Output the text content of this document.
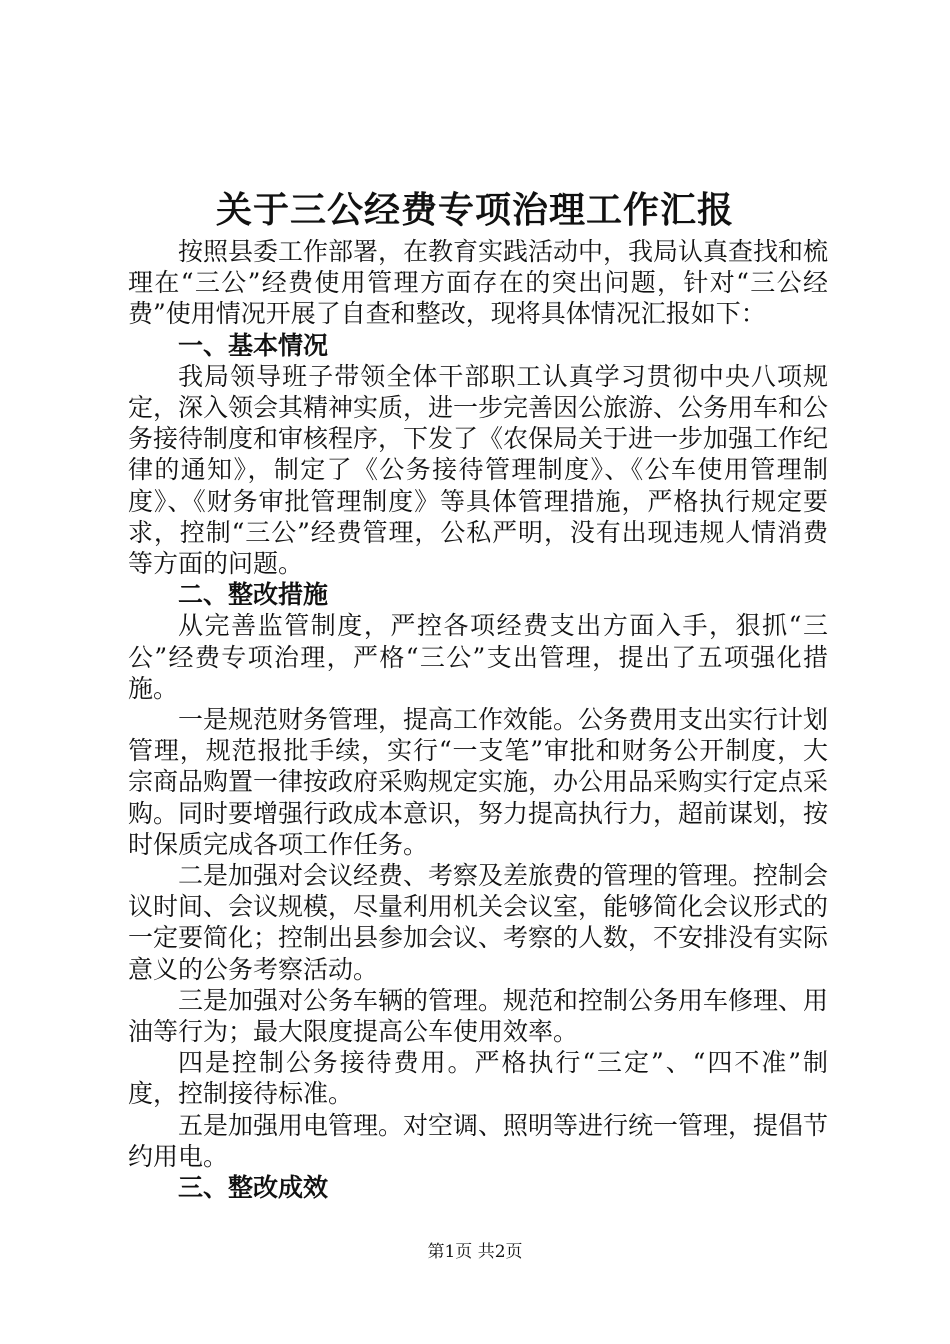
关于三公经费专项治理工作汇报

按照县委工作部署，在教育实践活动中，我局认真查找和梳理在“三公”经费使用管理方面存在的突出问题，针对“三公经费”使用情况开展了自查和整改，现将具体情况汇报如下：

一、基本情况

我局领导班子带领全体干部职工认真学习贯彻中央八项规定，深入领会其精神实质，进一步完善因公旅游、公务用车和公务接待制度和审核程序，下发了《农保局关于进一步加强工作纪律的通知》，制定了《公务接待管理制度》、《公车使用管理制度》、《财务审批管理制度》等具体管理措施，严格执行规定要求，控制“三公”经费管理，公私严明，没有出现违规人情消费等方面的问题。

二、整改措施

从完善监管制度，严控各项经费支出方面入手，狠抓“三公”经费专项治理，严格“三公”支出管理，提出了五项强化措施。

一是规范财务管理，提高工作效能。公务费用支出实行计划管理，规范报批手续，实行“一支笔”审批和财务公开制度，大宗商品购置一律按政府采购规定实施，办公用品采购实行定点采购。同时要增强行政成本意识，努力提高执行力，超前谋划，按时保质完成各项工作任务。

二是加强对会议经费、考察及差旅费的管理的管理。控制会议时间、会议规模，尽量利用机关会议室，能够简化会议形式的一定要简化；控制出县参加会议、考察的人数，不安排没有实际意义的公务考察活动。

三是加强对公务车辆的管理。规范和控制公务用车修理、用油等行为；最大限度提高公车使用效率。

四是控制公务接待费用。严格执行“三定”、“四不准”制度，控制接待标准。

五是加强用电管理。对空调、照明等进行统一管理，提倡节约用电。

三、整改成效

第1页 共2页
